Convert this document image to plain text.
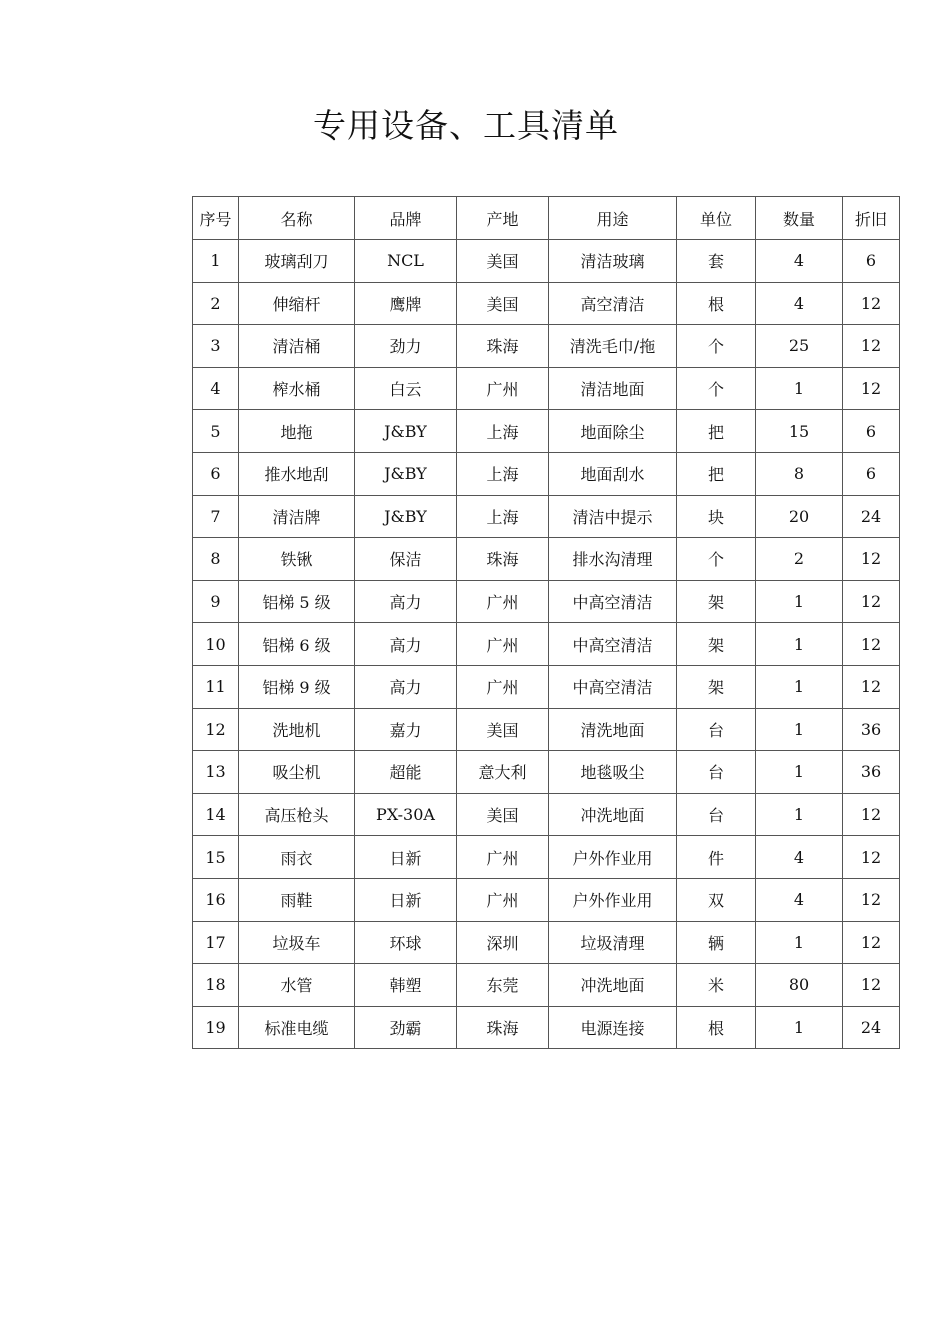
专用设备、工具清单
序号	名称	品牌	产地	用途	单位	数量	折旧
1	玻璃刮刀	NCL	美国	清洁玻璃	套	4	6
2	伸缩杆	鹰牌	美国	高空清洁	根	4	12
3	清洁桶	劲力	珠海	清洗毛巾/拖	个	25	12
4	榨水桶	白云	广州	清洁地面	个	1	12
5	地拖	J&BY	上海	地面除尘	把	15	6
6	推水地刮	J&BY	上海	地面刮水	把	8	6
7	清洁牌	J&BY	上海	清洁中提示	块	20	24
8	铁锹	保洁	珠海	排水沟清理	个	2	12
9	铝梯 5 级	高力	广州	中高空清洁	架	1	12
10	铝梯 6 级	高力	广州	中高空清洁	架	1	12
11	铝梯 9 级	高力	广州	中高空清洁	架	1	12
12	洗地机	嘉力	美国	清洗地面	台	1	36
13	吸尘机	超能	意大利	地毯吸尘	台	1	36
14	高压枪头	PX-30A	美国	冲洗地面	台	1	12
15	雨衣	日新	广州	户外作业用	件	4	12
16	雨鞋	日新	广州	户外作业用	双	4	12
17	垃圾车	环球	深圳	垃圾清理	辆	1	12
18	水管	韩塑	东莞	冲洗地面	米	80	12
19	标准电缆	劲霸	珠海	电源连接	根	1	24
